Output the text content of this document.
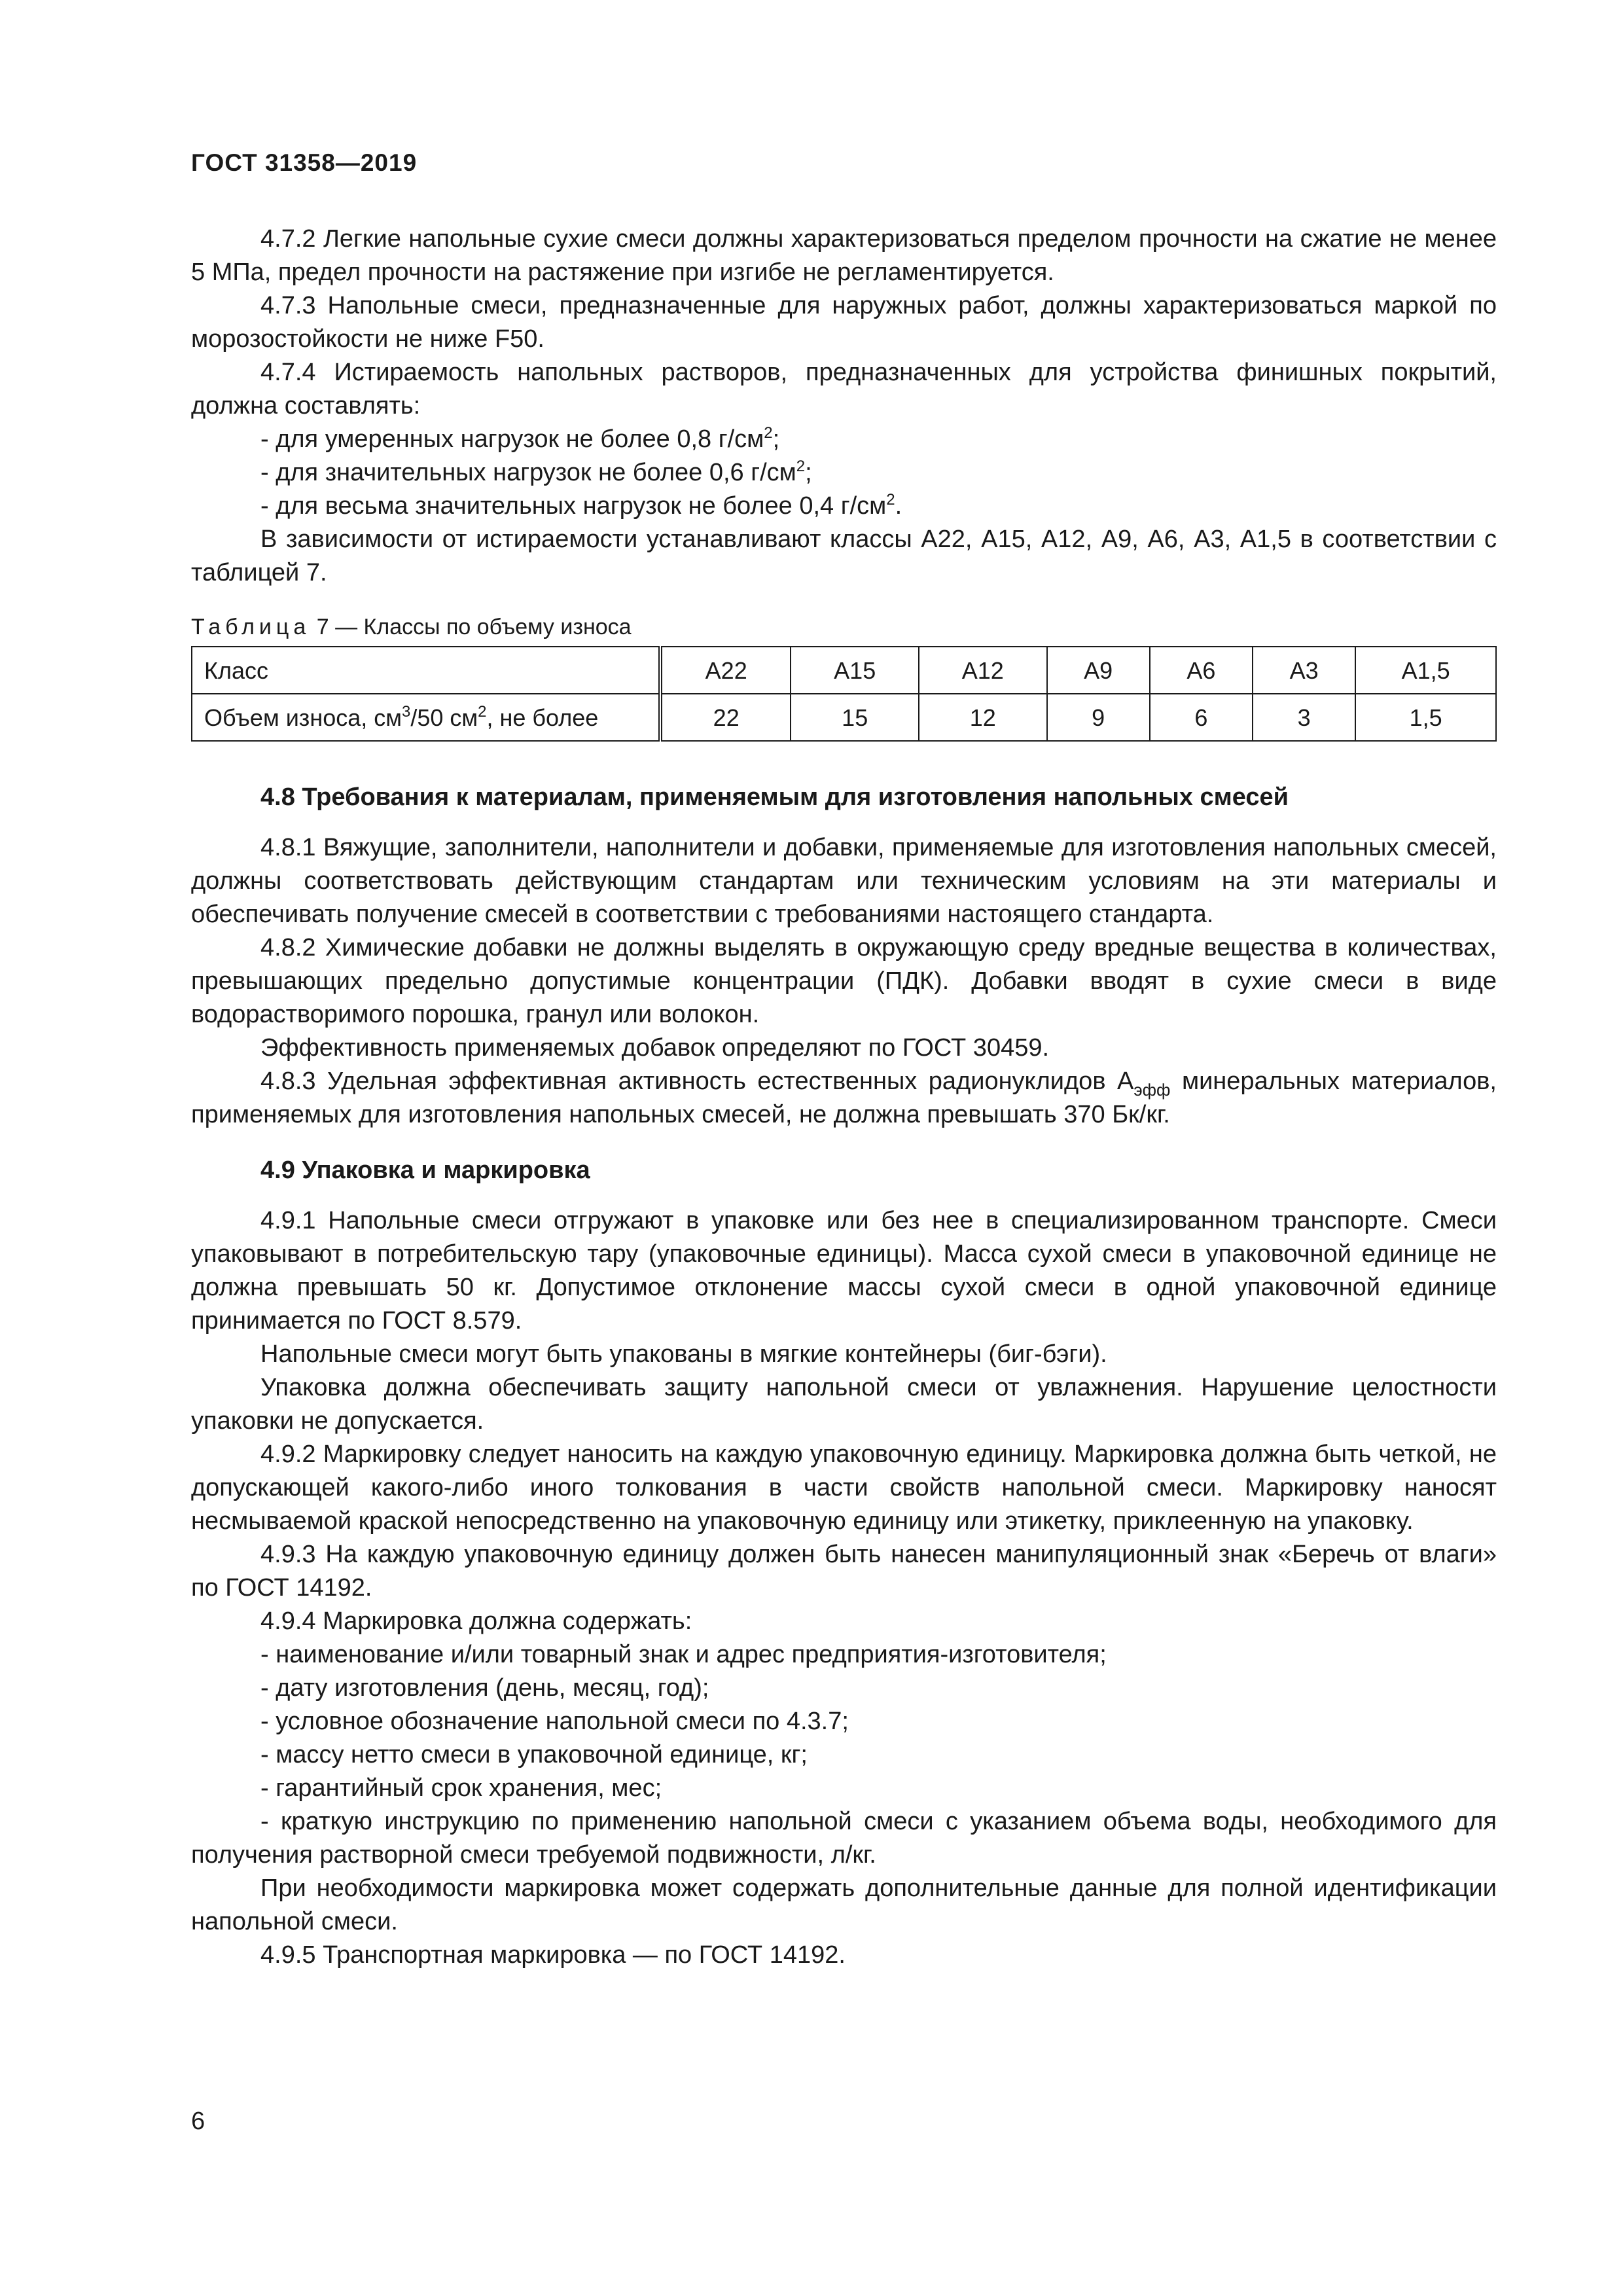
ГОСТ 31358—2019

4.7.2 Легкие напольные сухие смеси должны характеризоваться пределом прочности на сжатие не менее 5 МПа, предел прочности на растяжение при изгибе не регламентируется.

4.7.3 Напольные смеси, предназначенные для наружных работ, должны характеризоваться маркой по морозостойкости не ниже F50.

4.7.4 Истираемость напольных растворов, предназначенных для устройства финишных покрытий, должна составлять:

- для умеренных нагрузок не более 0,8 $г/см^2$;

- для значительных нагрузок не более 0,6 $г/см^2$;

- для весьма значительных нагрузок не более 0,4 $г/см^2$.

В зависимости от истираемости устанавливают классы А22, А15, А12, А9, А6, А3, А1,5 в соответствии с таблицей 7.

Таблица 7 — Классы по объему износа
Класс	А22	А15	А12	А9	А6	А3	А1,5
Объем износа, $см^3/50$ $см^2$, не более	22	15	12	9	6	3	1,5
4.8 Требования к материалам, применяемым для изготовления напольных смесей

4.8.1 Вяжущие, заполнители, наполнители и добавки, применяемые для изготовления напольных смесей, должны соответствовать действующим стандартам или техническим условиям на эти материалы и обеспечивать получение смесей в соответствии с требованиями настоящего стандарта.

4.8.2 Химические добавки не должны выделять в окружающую среду вредные вещества в количествах, превышающих предельно допустимые концентрации (ПДК). Добавки вводят в сухие смеси в виде водорастворимого порошка, гранул или волокон.

Эффективность применяемых добавок определяют по ГОСТ 30459.

4.8.3 Удельная эффективная активность естественных радионуклидов $А_{эфф}$ минеральных материалов, применяемых для изготовления напольных смесей, не должна превышать 370 Бк/кг.

4.9 Упаковка и маркировка

4.9.1 Напольные смеси отгружают в упаковке или без нее в специализированном транспорте. Смеси упаковывают в потребительскую тару (упаковочные единицы). Масса сухой смеси в упаковочной единице не должна превышать 50 кг. Допустимое отклонение массы сухой смеси в одной упаковочной единице принимается по ГОСТ 8.579.

Напольные смеси могут быть упакованы в мягкие контейнеры (биг-бэги).

Упаковка должна обеспечивать защиту напольной смеси от увлажнения. Нарушение целостности упаковки не допускается.

4.9.2 Маркировку следует наносить на каждую упаковочную единицу. Маркировка должна быть четкой, не допускающей какого-либо иного толкования в части свойств напольной смеси. Маркировку наносят несмываемой краской непосредственно на упаковочную единицу или этикетку, приклеенную на упаковку.

4.9.3 На каждую упаковочную единицу должен быть нанесен манипуляционный знак «Беречь от влаги» по ГОСТ 14192.

4.9.4 Маркировка должна содержать:

- наименование и/или товарный знак и адрес предприятия-изготовителя;

- дату изготовления (день, месяц, год);

- условное обозначение напольной смеси по 4.3.7;

- массу нетто смеси в упаковочной единице, кг;

- гарантийный срок хранения, мес;

- краткую инструкцию по применению напольной смеси с указанием объема воды, необходимого для получения растворной смеси требуемой подвижности, л/кг.

При необходимости маркировка может содержать дополнительные данные для полной идентификации напольной смеси.

4.9.5 Транспортная маркировка — по ГОСТ 14192.

6
